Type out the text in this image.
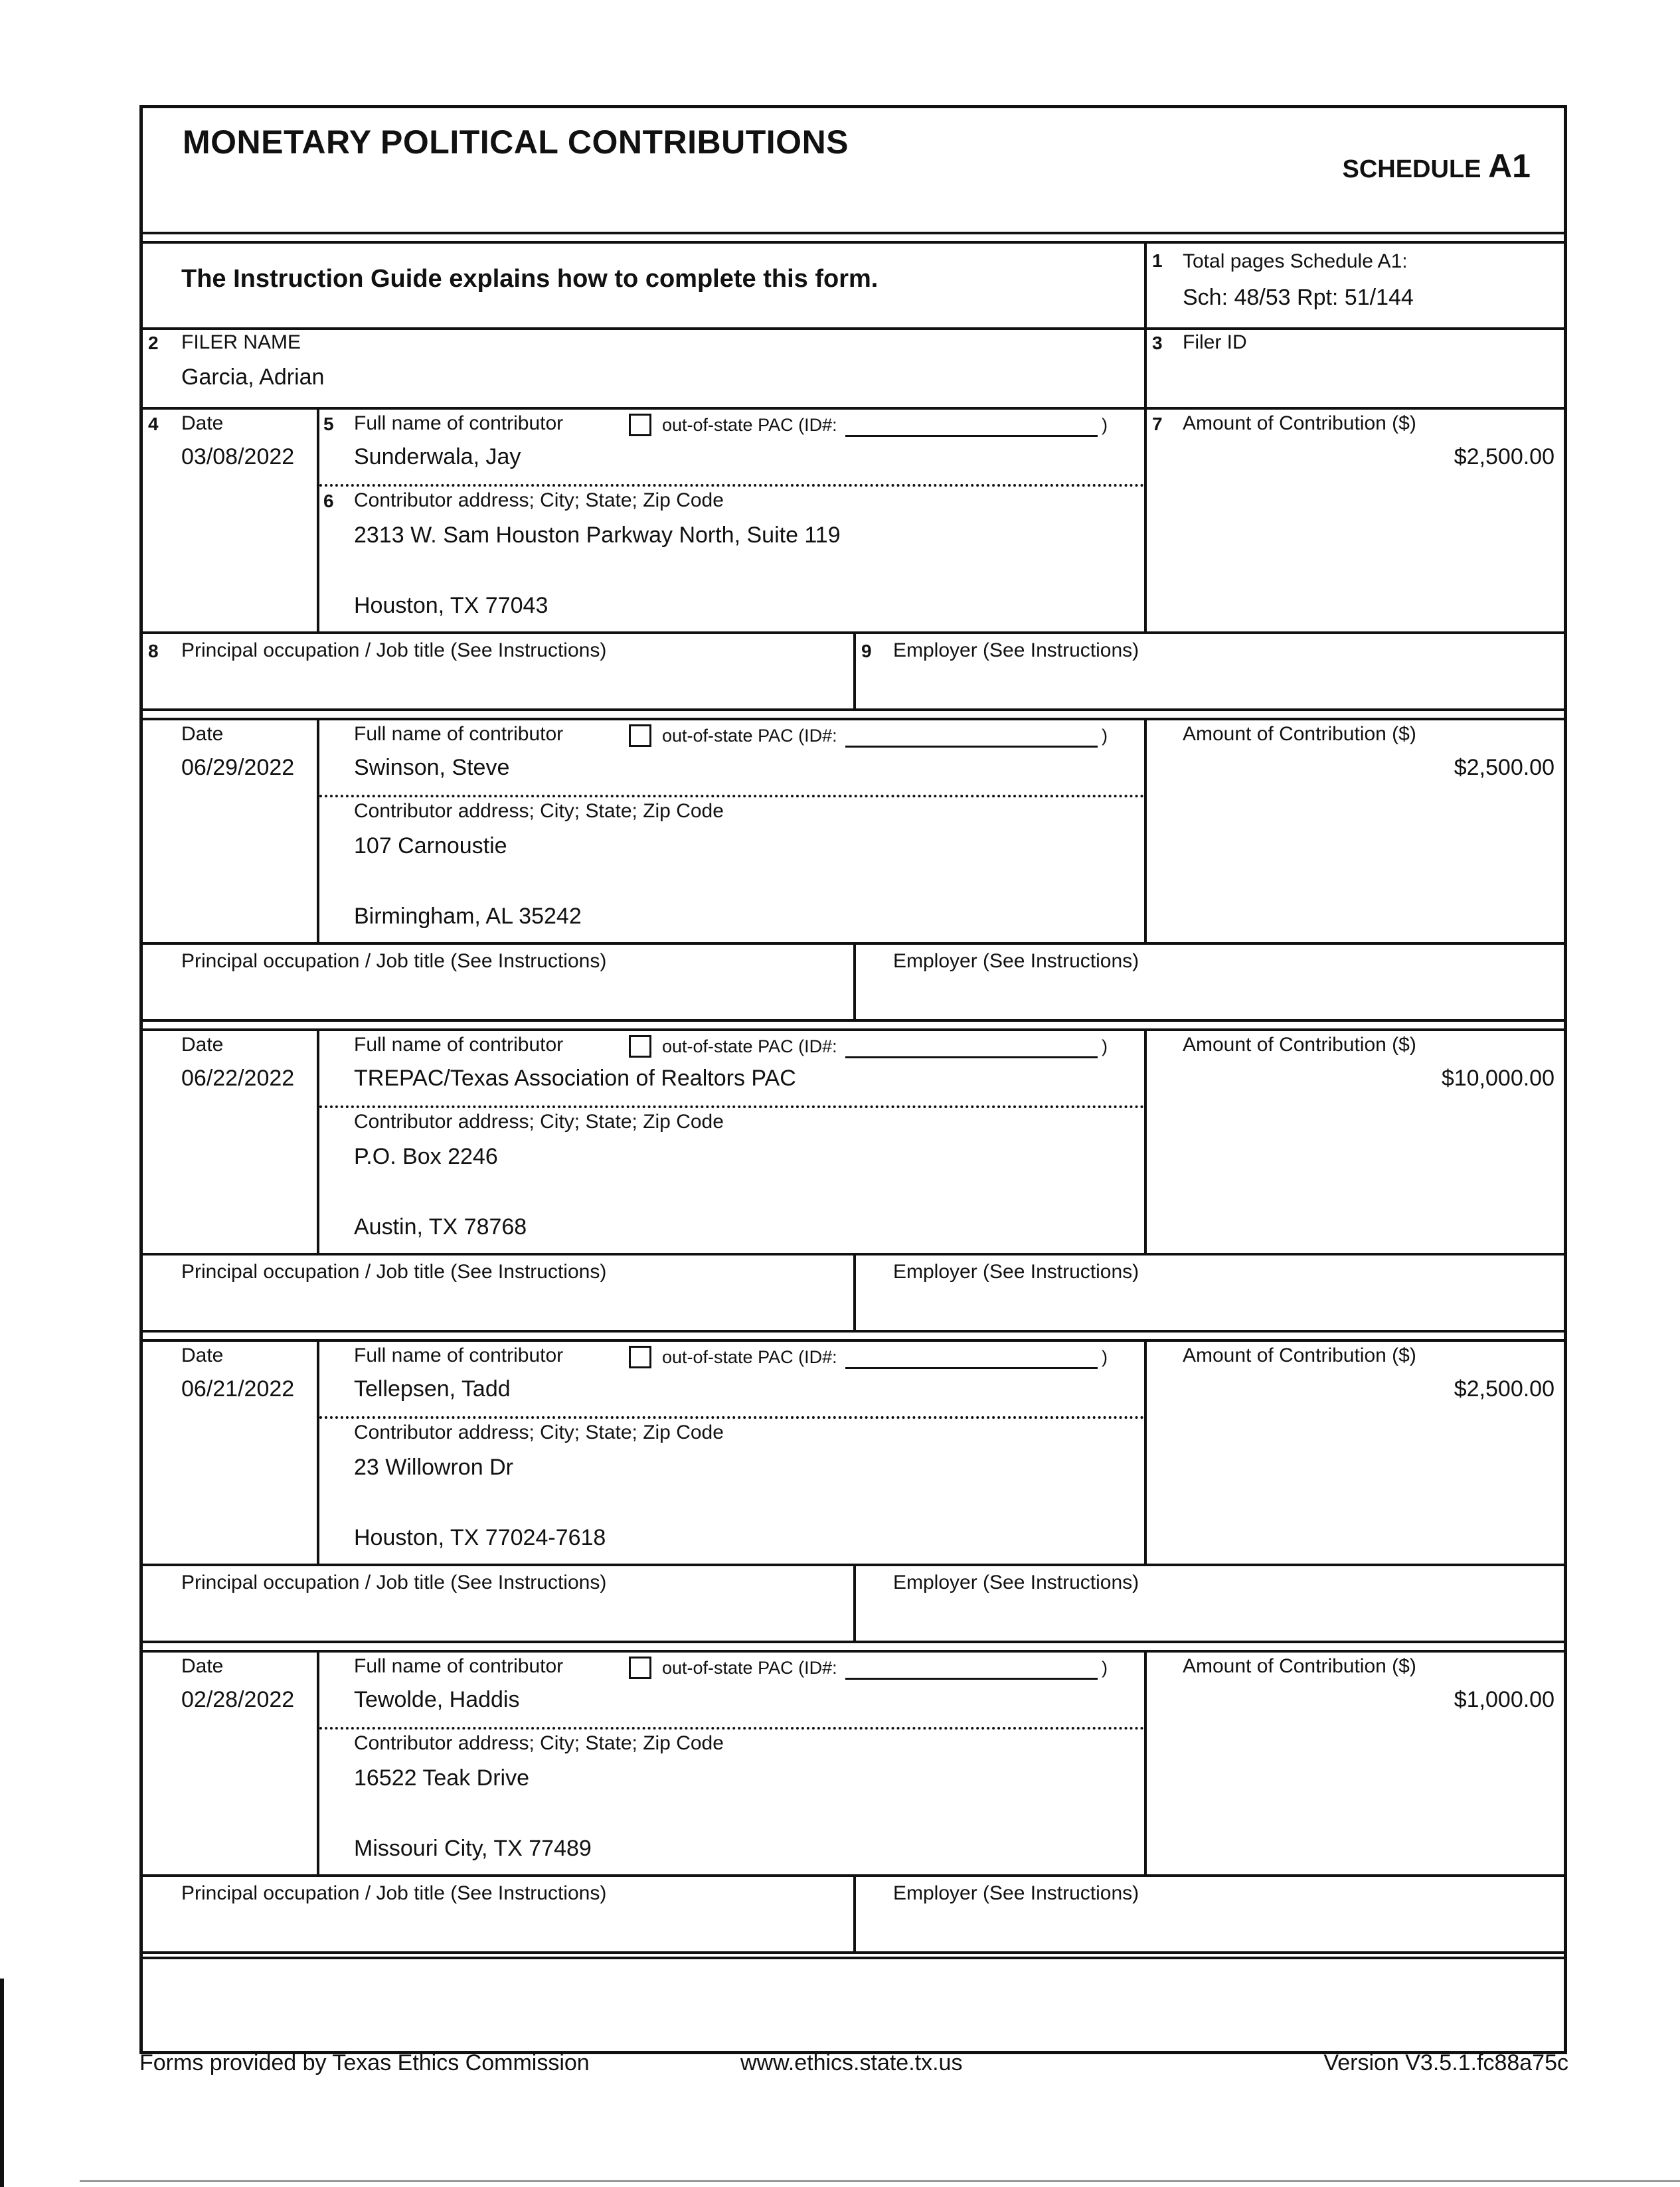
MONETARY POLITICAL CONTRIBUTIONS
SCHEDULE A1
The Instruction Guide explains how to complete this form.
1 Total pages Schedule A1:
Sch: 48/53 Rpt: 51/144
2 FILER NAME
Garcia, Adrian
3 Filer ID
4	5
6
7
8	9
Date
03/08/2022
Full name of contributor	out-of-state PAC (ID#:	)
Sunderwala, Jay
Contributor address; City; State; Zip Code
2313 W. Sam Houston Parkway North, Suite 119
Houston, TX 77043
Amount of Contribution ($)
$2,500.00
Principal occupation / Job title (See Instructions)	Employer (See Instructions)
Date
06/29/2022
Full name of contributor	out-of-state PAC (ID#:	)
Swinson, Steve
Contributor address; City; State; Zip Code
107 Carnoustie
Birmingham, AL 35242
Amount of Contribution ($)
$2,500.00
Principal occupation / Job title (See Instructions)	Employer (See Instructions)
Date
06/22/2022
Full name of contributor	out-of-state PAC (ID#:	)
TREPAC/Texas Association of Realtors PAC
Contributor address; City; State; Zip Code
P.O. Box 2246
Austin, TX 78768
Amount of Contribution ($)
$10,000.00
Principal occupation / Job title (See Instructions)	Employer (See Instructions)
Date
06/21/2022
Full name of contributor	out-of-state PAC (ID#:	)
Tellepsen, Tadd
Contributor address; City; State; Zip Code
23 Willowron Dr
Houston, TX 77024-7618
Amount of Contribution ($)
$2,500.00
Principal occupation / Job title (See Instructions)	Employer (See Instructions)
Date
02/28/2022
Full name of contributor	out-of-state PAC (ID#:	)
Tewolde, Haddis
Contributor address; City; State; Zip Code
16522 Teak Drive
Missouri City, TX 77489
Amount of Contribution ($)
$1,000.00
Principal occupation / Job title (See Instructions)	Employer (See Instructions)
Forms provided by Texas Ethics Commission	www.ethics.state.tx.us	Version V3.5.1.fc88a75c
